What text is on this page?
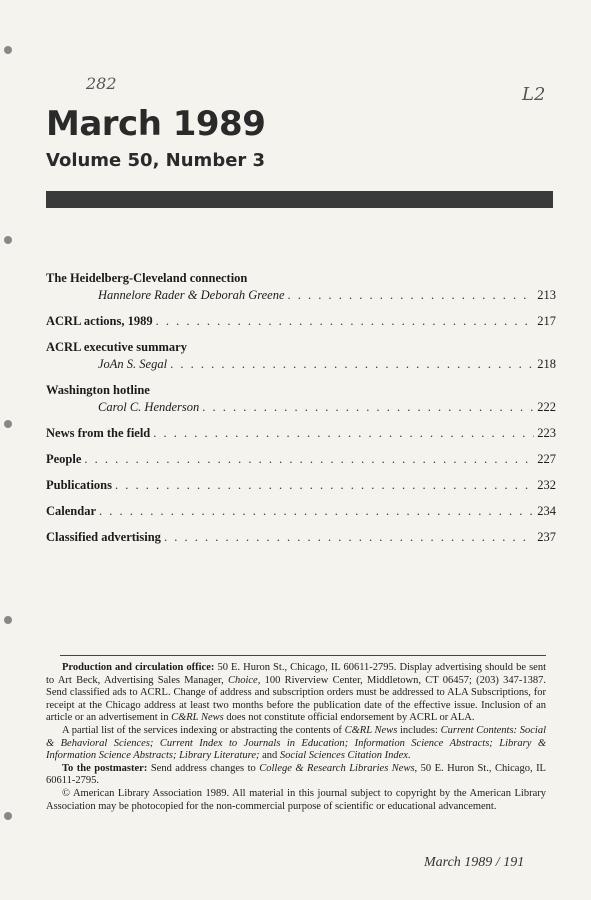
282
L2
March 1989
Volume 50, Number 3
The Heidelberg-Cleveland connection
Hannelore Rader & Deborah Greene . . .	213
ACRL actions, 1989 . . .	217
ACRL executive summary
JoAn S. Segal . . .	218
Washington hotline
Carol C. Henderson . . .	222
News from the field . . .	223
People . . .	227
Publications . . .	232
Calendar . . .	234
Classified advertising . . .	237

Production and circulation office: 50 E. Huron St., Chicago, IL 60611-2795. Display advertising should be sent to Art Beck, Advertising Sales Manager, Choice, 100 Riverview Center, Middletown, CT 06457; (203) 347-1387. Send classified ads to ACRL. Change of address and subscription orders must be addressed to ALA Subscriptions, for receipt at the Chicago address at least two months before the publication date of the effective issue. Inclusion of an article or an advertisement in C&RL News does not constitute official endorsement by ACRL or ALA.

A partial list of the services indexing or abstracting the contents of C&RL News includes: Current Contents: Social & Behavioral Sciences; Current Index to Journals in Education; Information Science Abstracts; Library & Information Science Abstracts; Library Literature; and Social Sciences Citation Index.

To the postmaster: Send address changes to College & Research Libraries News, 50 E. Huron St., Chicago, IL 60611-2795.

© American Library Association 1989. All material in this journal subject to copyright by the American Library Association may be photocopied for the non-commercial purpose of scientific or educational advancement.

March 1989 / 191
